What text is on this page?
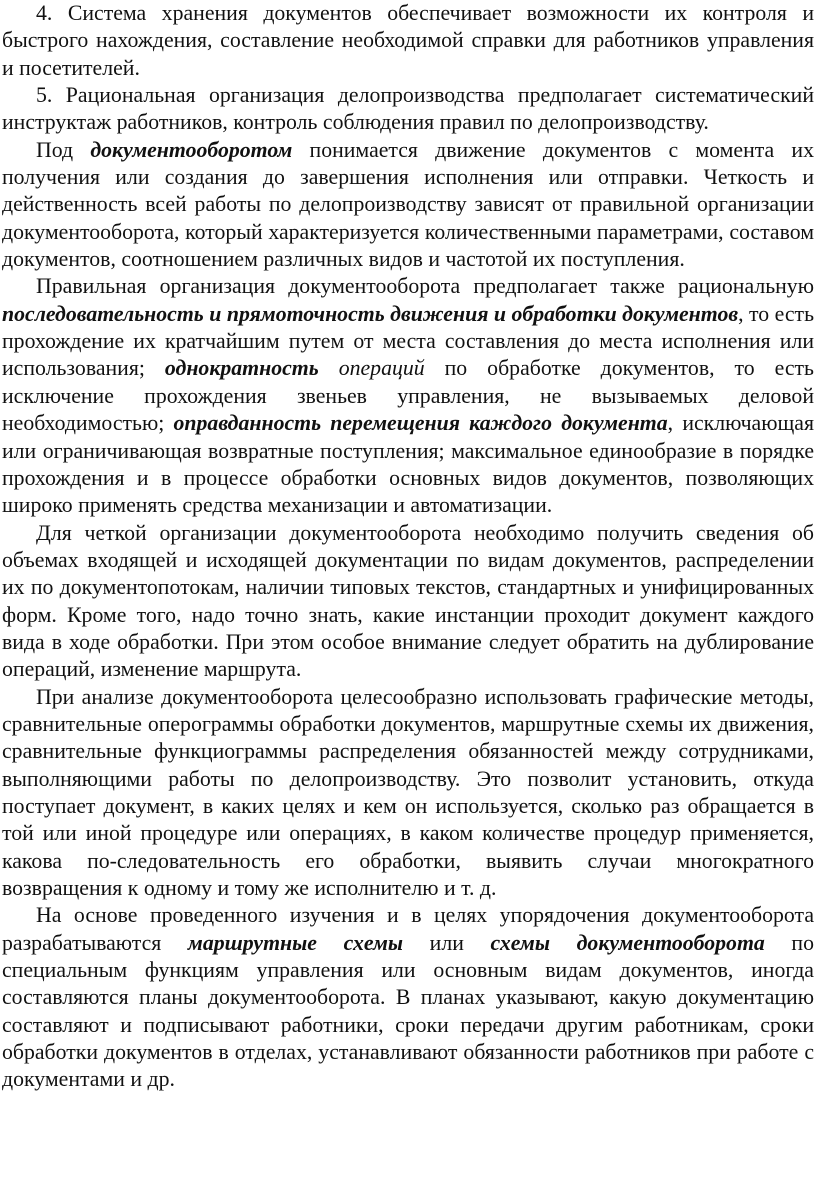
4. Система хранения документов обеспечивает возможности их контроля и быстрого нахождения, составление необходимой справки для работников управления и посетителей.

5. Рациональная организация делопроизводства предполагает систематический инструктаж работников, контроль соблюдения правил по делопроизводству.

Под документооборотом понимается движение документов с момента их получения или создания до завершения исполнения или отправки. Четкость и действенность всей работы по делопроизводству зависят от правильной организации документооборота, который характеризуется количественными параметрами, составом документов, соотношением различных видов и частотой их поступления.

Правильная организация документооборота предполагает также рациональную последовательность и прямоточность движения и обработки документов, то есть прохождение их кратчайшим путем от места составления до места исполнения или использования; однократность операций по обработке документов, то есть исключение прохождения звеньев управления, не вызываемых деловой необходимостью; оправданность перемещения каждого документа, исключающая или ограничивающая возвратные поступления; максимальное единообразие в порядке прохождения и в процессе обработки основных видов документов, позволяющих широко применять средства механизации и автоматизации.

Для четкой организации документооборота необходимо получить сведения об объемах входящей и исходящей документации по видам документов, распределении их по документопотокам, наличии типовых текстов, стандартных и унифицированных форм. Кроме того, надо точно знать, какие инстанции проходит документ каждого вида в ходе обработки. При этом особое внимание следует обратить на дублирование операций, изменение маршрута.

При анализе документооборота целесообразно использовать графические методы, сравнительные оперограммы обработки документов, маршрутные схемы их движения, сравнительные функциограммы распределения обязанностей между сотрудниками, выполняющими работы по делопроизводству. Это позволит установить, откуда поступает документ, в каких целях и кем он используется, сколько раз обращается в той или иной процедуре или операциях, в каком количестве процедур применяется, какова по-следовательность его обработки, выявить случаи многократного возвращения к одному и тому же исполнителю и т. д.

На основе проведенного изучения и в целях упорядочения документооборота разрабатываются маршрутные схемы или схемы документооборота по специальным функциям управления или основным видам документов, иногда составляются планы документооборота. В планах указывают, какую документацию составляют и подписывают работники, сроки передачи другим работникам, сроки обработки документов в отделах, устанавливают обязанности работников при работе с документами и др.
